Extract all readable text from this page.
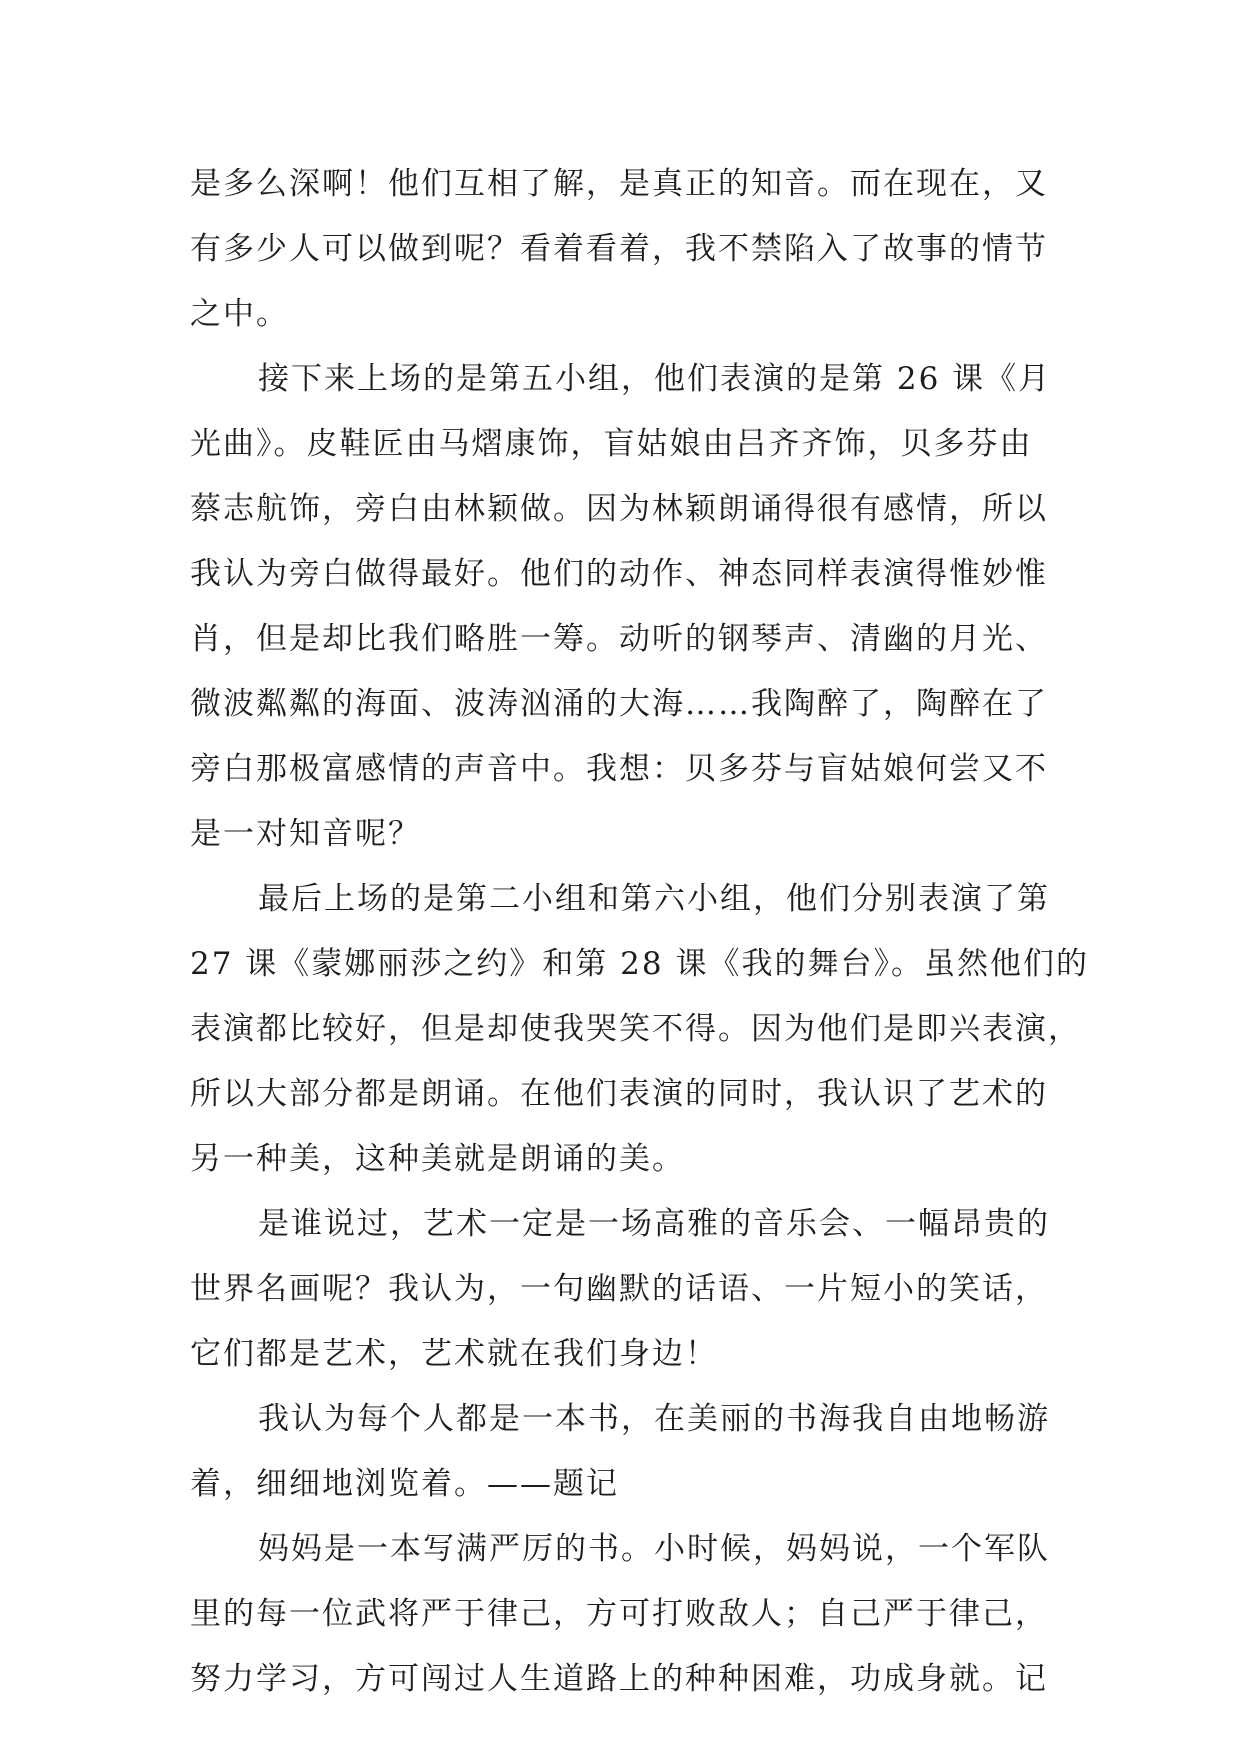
是多么深啊！他们互相了解，是真正的知音。而在现在，又
有多少人可以做到呢？看着看着，我不禁陷入了故事的情节
之中。
接下来上场的是第五小组，他们表演的是第 26 课《月
光曲》。皮鞋匠由马熠康饰，盲姑娘由吕齐齐饰，贝多芬由
蔡志航饰，旁白由林颖做。因为林颖朗诵得很有感情，所以
我认为旁白做得最好。他们的动作、神态同样表演得惟妙惟
肖，但是却比我们略胜一筹。动听的钢琴声、清幽的月光、
微波粼粼的海面、波涛汹涌的大海……我陶醉了，陶醉在了
旁白那极富感情的声音中。我想：贝多芬与盲姑娘何尝又不
是一对知音呢？
最后上场的是第二小组和第六小组，他们分别表演了第
27 课《蒙娜丽莎之约》和第 28 课《我的舞台》。虽然他们的
表演都比较好，但是却使我哭笑不得。因为他们是即兴表演，
所以大部分都是朗诵。在他们表演的同时，我认识了艺术的
另一种美，这种美就是朗诵的美。
是谁说过，艺术一定是一场高雅的音乐会、一幅昂贵的
世界名画呢？我认为，一句幽默的话语、一片短小的笑话，
它们都是艺术，艺术就在我们身边！
我认为每个人都是一本书，在美丽的书海我自由地畅游
着，细细地浏览着。——题记
妈妈是一本写满严厉的书。小时候，妈妈说，一个军队
里的每一位武将严于律己，方可打败敌人；自己严于律己，
努力学习，方可闯过人生道路上的种种困难，功成身就。记
